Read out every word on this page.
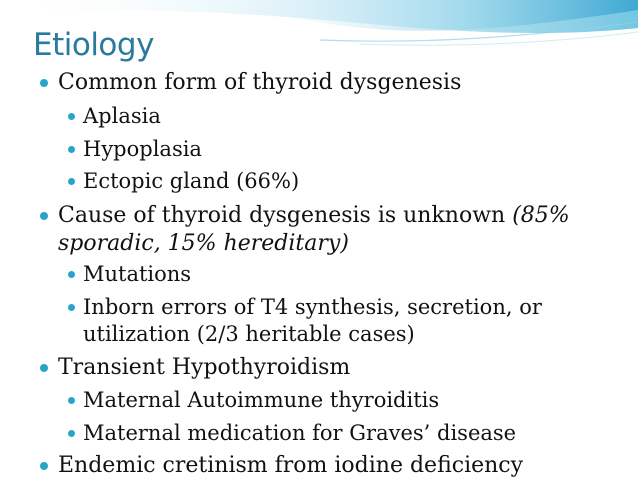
Etiology
Common form of thyroid dysgenesis
Aplasia
Hypoplasia
Ectopic gland (66%)
Cause of thyroid dysgenesis is unknown (85%
sporadic, 15% hereditary)
Mutations
Inborn errors of T4 synthesis, secretion, or
utilization (2/3 heritable cases)
Transient Hypothyroidism
Maternal Autoimmune thyroiditis
Maternal medication for Graves’ disease
Endemic cretinism from iodine deficiency
